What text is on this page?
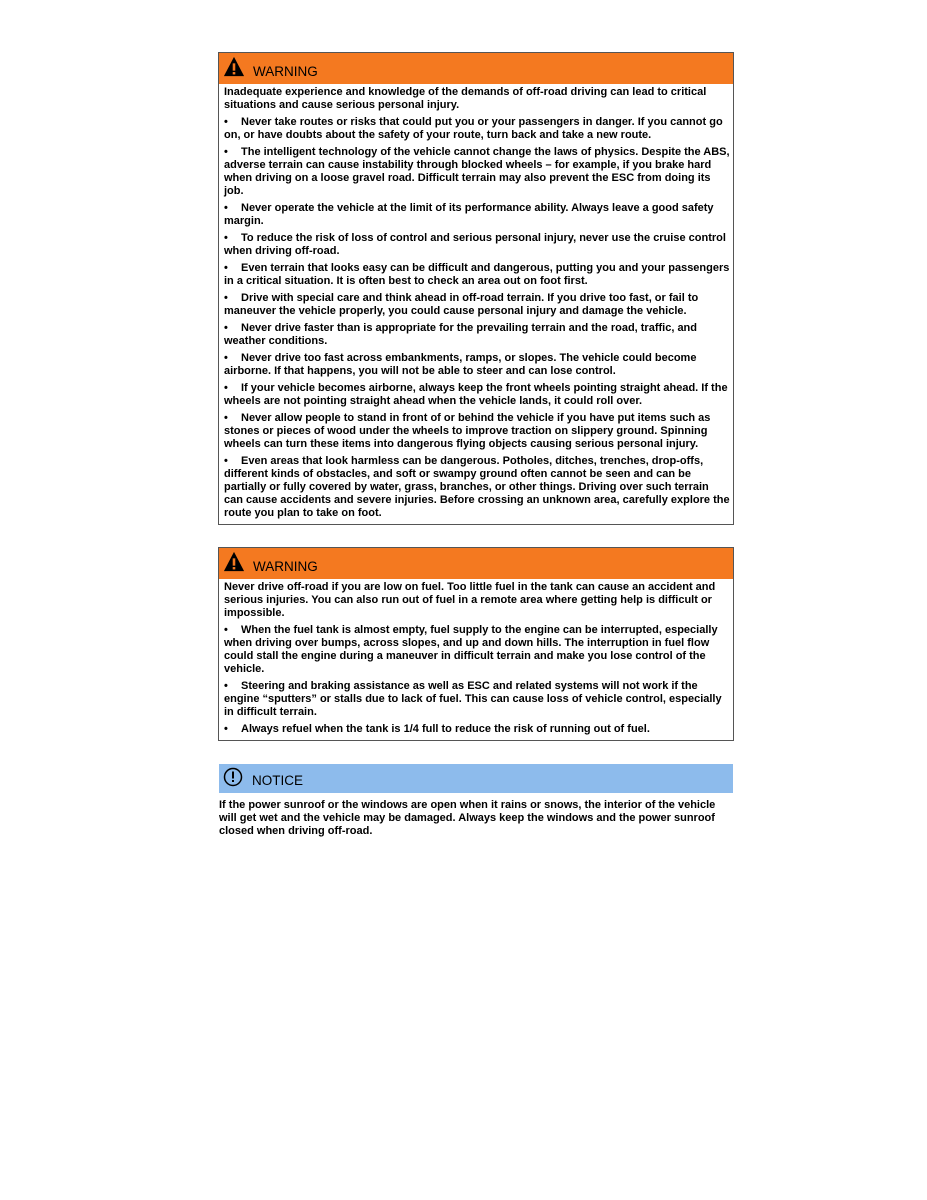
WARNING

Inadequate experience and knowledge of the demands of off-road driving can lead to critical situations and cause serious personal injury.

• Never take routes or risks that could put you or your passengers in danger. If you cannot go on, or have doubts about the safety of your route, turn back and take a new route.
• The intelligent technology of the vehicle cannot change the laws of physics. Despite the ABS, adverse terrain can cause instability through blocked wheels – for example, if you brake hard when driving on a loose gravel road. Difficult terrain may also prevent the ESC from doing its job.
• Never operate the vehicle at the limit of its performance ability. Always leave a good safety margin.
• To reduce the risk of loss of control and serious personal injury, never use the cruise control when driving off-road.
• Even terrain that looks easy can be difficult and dangerous, putting you and your passengers in a critical situation. It is often best to check an area out on foot first.
• Drive with special care and think ahead in off-road terrain. If you drive too fast, or fail to maneuver the vehicle properly, you could cause personal injury and damage the vehicle.
• Never drive faster than is appropriate for the prevailing terrain and the road, traffic, and weather conditions.
• Never drive too fast across embankments, ramps, or slopes. The vehicle could become airborne. If that happens, you will not be able to steer and can lose control.
• If your vehicle becomes airborne, always keep the front wheels pointing straight ahead. If the wheels are not pointing straight ahead when the vehicle lands, it could roll over.
• Never allow people to stand in front of or behind the vehicle if you have put items such as stones or pieces of wood under the wheels to improve traction on slippery ground. Spinning wheels can turn these items into dangerous flying objects causing serious personal injury.
• Even areas that look harmless can be dangerous. Potholes, ditches, trenches, drop-offs, different kinds of obstacles, and soft or swampy ground often cannot be seen and can be partially or fully covered by water, grass, branches, or other things. Driving over such terrain can cause accidents and severe injuries. Before crossing an unknown area, carefully explore the route you plan to take on foot.
WARNING

Never drive off-road if you are low on fuel. Too little fuel in the tank can cause an accident and serious injuries. You can also run out of fuel in a remote area where getting help is difficult or impossible.

• When the fuel tank is almost empty, fuel supply to the engine can be interrupted, especially when driving over bumps, across slopes, and up and down hills. The interruption in fuel flow could stall the engine during a maneuver in difficult terrain and make you lose control of the vehicle.
• Steering and braking assistance as well as ESC and related systems will not work if the engine “sputters” or stalls due to lack of fuel. This can cause loss of vehicle control, especially in difficult terrain.
• Always refuel when the tank is 1/4 full to reduce the risk of running out of fuel.
NOTICE
If the power sunroof or the windows are open when it rains or snows, the interior of the vehicle will get wet and the vehicle may be damaged. Always keep the windows and the power sunroof closed when driving off-road.
